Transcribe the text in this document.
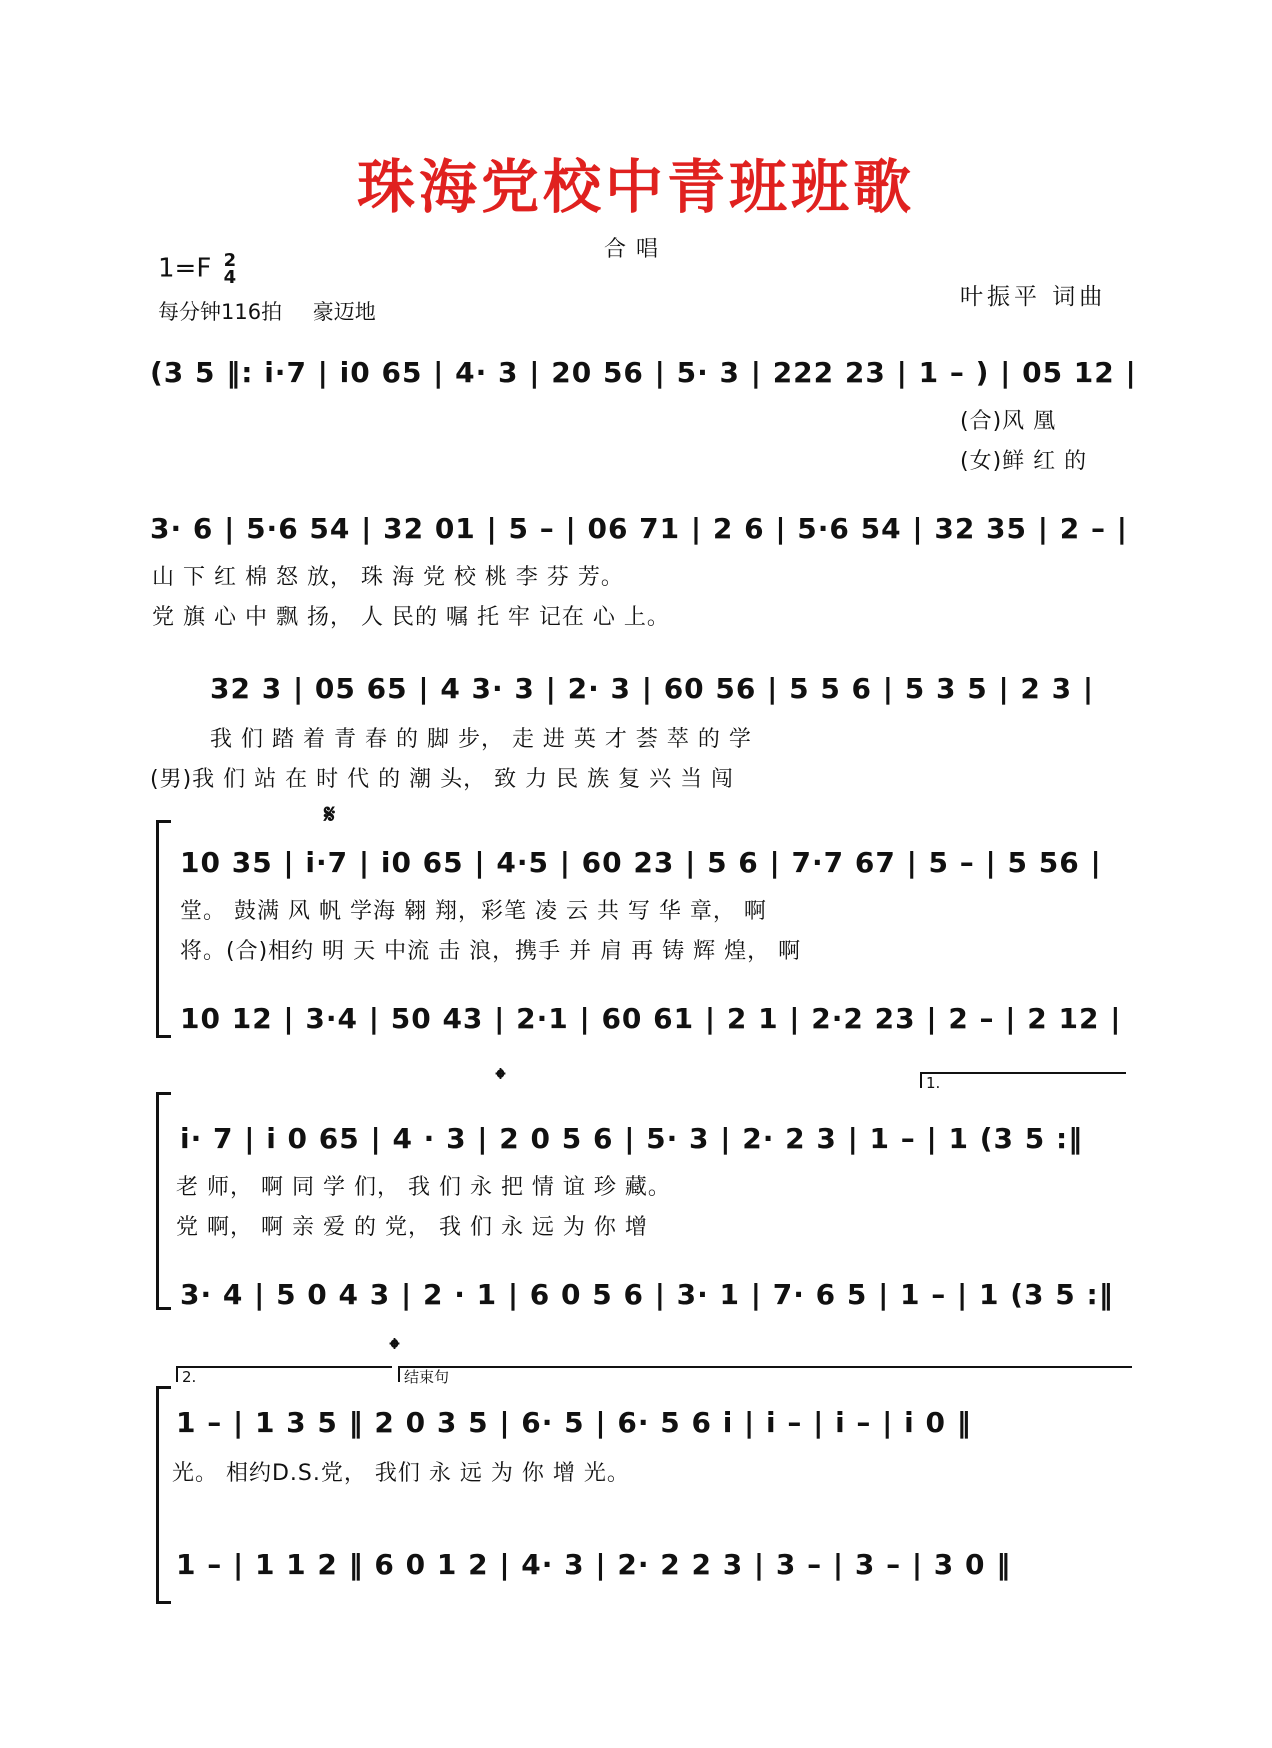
珠海党校中青班班歌
合唱
1=F 2
4
每分钟116拍 豪迈地
叶振平 词曲
(3 5 ‖: i·7 | i0 65 | 4· 3 | 20 56 | 5· 3 | 222 23 | 1 – ) | 05 12 |
(合)风 凰
(女)鲜 红 的
3· 6 | 5·6 54 | 32 01 | 5 – | 06 71 | 2 6 | 5·6 54 | 32 35 | 2 – |
山 下 红 棉 怒 放， 珠 海 党 校 桃 李 芬 芳。
党 旗 心 中 飘 扬， 人 民的 嘱 托 牢 记在 心 上。
32 3 | 05 65 | 4 3· 3 | 2· 3 | 60 56 | 5 5 6 | 5 3 5 | 2 3 |
我 们 踏 着 青 春 的 脚 步， 走 进 英 才 荟 萃 的 学
(男)我 们 站 在 时 代 的 潮 头， 致 力 民 族 复 兴 当 闯
𝄋
10 35 | i·7 | i0 65 | 4·5 | 60 23 | 5 6 | 7·7 67 | 5 – | 5 56 |
堂。 鼓满 风 帆 学海 翱 翔，彩笔 凌 云 共 写 华 章， 啊
将。(合)相约 明 天 中流 击 浪，携手 并 肩 再 铸 辉 煌， 啊
10 12 | 3·4 | 50 43 | 2·1 | 60 61 | 2 1 | 2·2 23 | 2 – | 2 12 |
𝄌	1.
i· 7 | i 0 65 | 4 · 3 | 2 0 5 6 | 5· 3 | 2· 2 3 | 1 – | 1 (3 5 :‖
老 师， 啊 同 学 们， 我 们 永 把 情 谊 珍 藏。
党 啊， 啊 亲 爱 的 党， 我 们 永 远 为 你 增
3· 4 | 5 0 4 3 | 2 · 1 | 6 0 5 6 | 3· 1 | 7· 6 5 | 1 – | 1 (3 5 :‖
𝄌
2.	结束句
1 – | 1 3 5 ‖ 2 0 3 5 | 6· 5 | 6· 5 6 i | i – | i – | i 0 ‖
光。 相约D.S.党， 我们 永 远 为 你 增 光。
1 – | 1 1 2 ‖ 6 0 1 2 | 4· 3 | 2· 2 2 3 | 3 – | 3 – | 3 0 ‖
